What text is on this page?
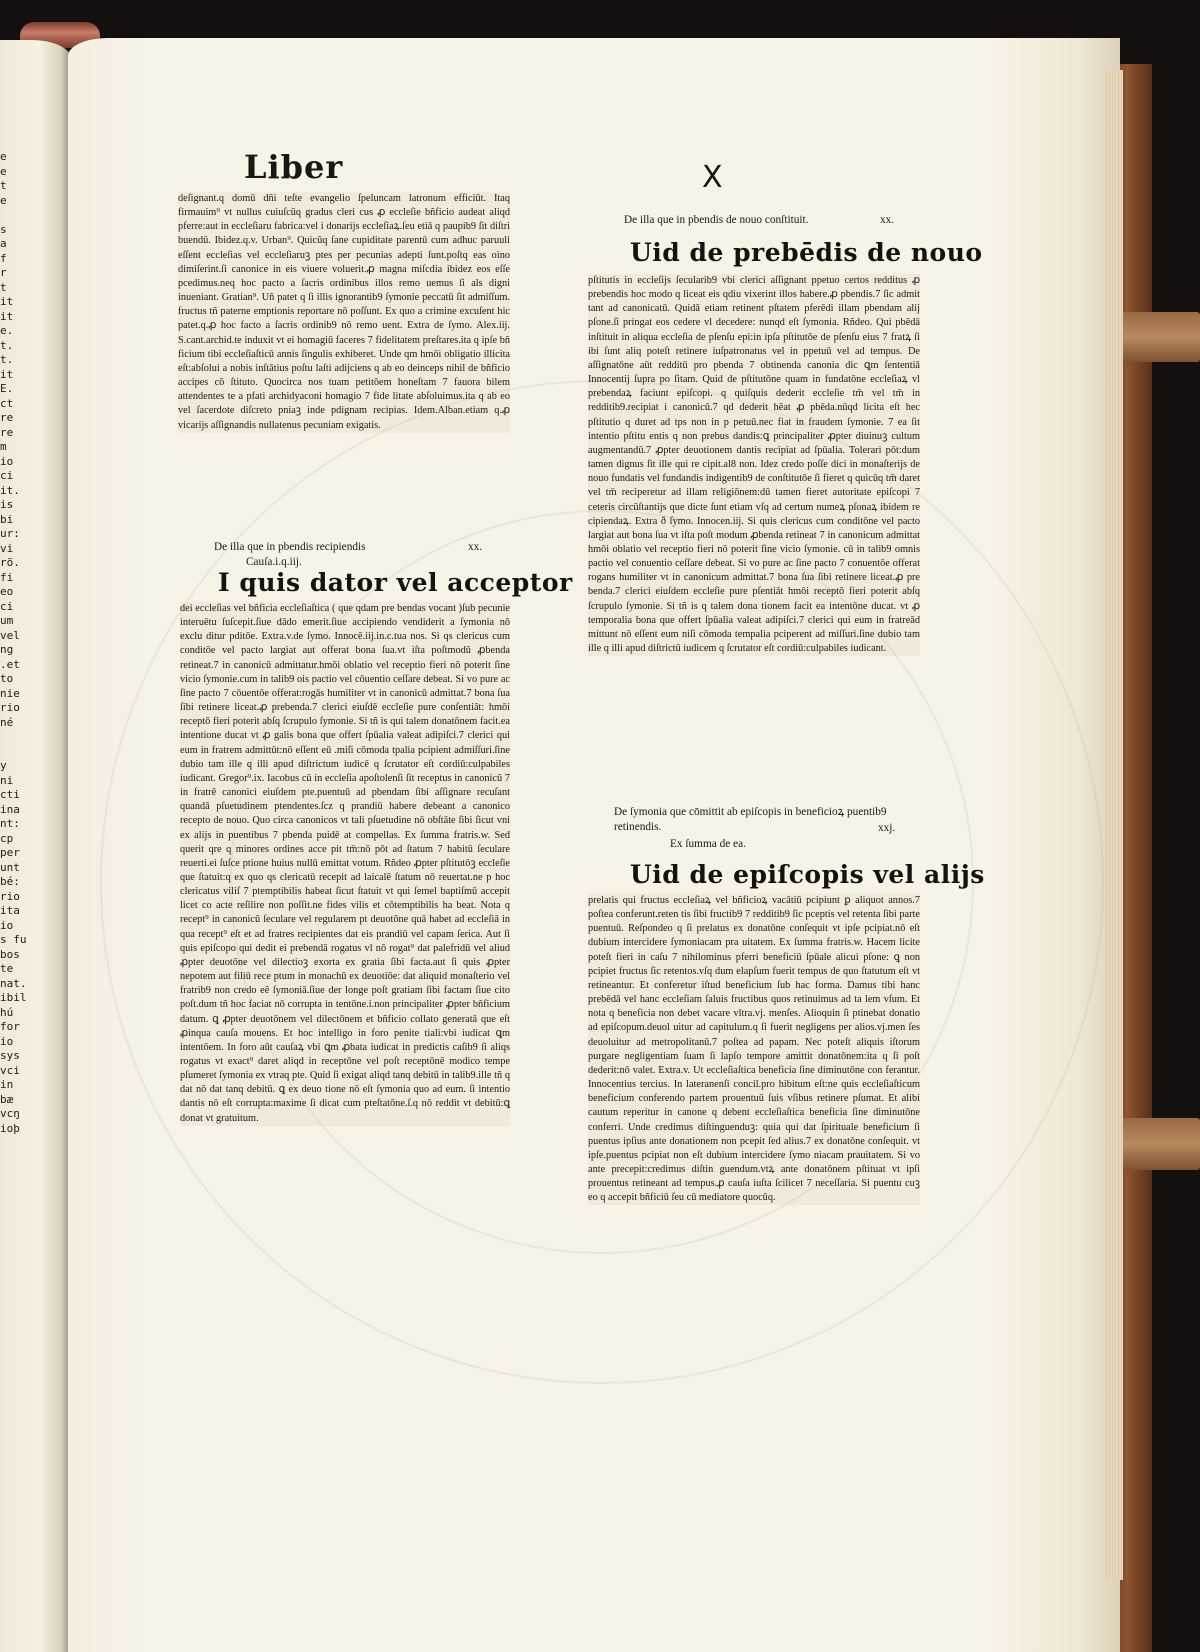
e
e
t
e

s
a
f
r
t
it
it
e.
t.
t.
it
E.
ct
re
re
m
io
ci
it.
is
bi
ur:
vi
rõ.
fi
eo
ci
um
vel
ng
.et
to
nie
rio
né

y
ni
cti
ina
nt:
cp
per
unt
bé:
rio
ita
io
s fu
bos
te
nat.
ibil
hú
for
io
sys
vci
in
bæ
vcŋ
ioþ
Liber	X

deſignant.q domū dñi teſte evangelio ſpeluncam latronum efficiūt. Itaq firmauim⁹ vt nullus cuiuſcūq gradus cleri cus ꝓ eccleſie bñficio audeat aliqd pferre:aut in eccleſiaru fabrica:vel i donarijs eccleſiaꝝ.ſeu etiā q paupib9 ſit diſtri buendū. Ibidez.q.v. Urban⁹. Quicūq ſane cupiditate parentū cum adhuc paruuli eſſent eccleſias vel eccleſiaruꝫ ptes per pecunias adepti ſunt.poſtq eas oino dimiſerint.ſi canonice in eis viuere voluerit.ꝓ magna miſcdia ibidez eos eſſe pcedimus.neq hoc pacto a ſacris ordinibus illos remo uemus ſi als digni inueniant. Gratian⁹. Uñ patet q ſi illis ignorantib9 ſymonie peccatū ſit admiſſum. fructus tñ paterne emptionis reportare nō poſſunt. Ex quo a crimine excuſent hic patet.q.ꝓ hoc facto a ſacris ordinib9 nō remo uent. Extra de ſymo. Alex.iij. S.cant.archid.te induxit vt ei homagiū faceres 7 fidelitatem preſtares.ita q ipſe bñ ficium tibi eccleſiaſticū annis ſingulis exhiberet. Unde qm hmōi obligatio illicita eſt:abſolui a nobis inſtātius poſtu laſti adijciens q ab eo deinceps nihil de bñficio accipes cō ſtituto. Quocirca nos tuam petitōem honeſtam 7 fauora bilem attendentes te a pfati archidyaconi homagio 7 fide litate abſoluimus.ita q ab eo vel ſacerdote diſcreto pniaꝫ inde pdignam recipias. Idem.Alban.etiam q.ꝓ vicarijs aſſignandis nullatenus pecuniam exigatis.

De illa que in pbendis recipiendis	xx.
Cauſa.i.q.iij.
I quis dator vel acceptor

dei eccleſias vel bñficia eccleſiaſtica ( que qdam pre bendas vocant )ſub pecunie interuētu ſuſcepit.ſiue dādo emerit.ſiue accipiendo vendiderit a ſymonia nō exclu ditur pditōe. Extra.v.de ſymo. Innocē.iij.in.c.tua nos. Si qs clericus cum conditōe vel pacto largiat aut offerat bona ſua.vt iſta poſtmodū ꝓbenda retineat.7 in canonicū admittatur.hmōi oblatio vel receptio fieri nō poterit ſine vicio ſymonie.cum in talib9 ois pactio vel cōuentio ceſſare debeat. Si vo pure ac ſine pacto 7 cōuentōe offerat:rogās humiliter vt in canonicū admittat.7 bona ſua ſibi retinere liceat.ꝓ prebenda.7 clerici eiuſdē eccleſie pure conſentiāt: hmōi receptō fieri poterit abſq ſcrupulo ſymonie. Si tñ is qui talem donatōnem facit.ea intentione ducat vt ꝓ galis bona que offert ſpūalia valeat adipiſci.7 clerici qui eum in fratrem admittūt:nō eſſent eū .miſi cōmoda tpalia pcipient admiſſuri.ſine dubio tam ille q illi apud diſtrictum iudicē q ſcrutator eſt cordiū:culpabiles iudicant. Gregor⁹.ix. Iacobus cū in eccleſia apoſtolenſi ſit receptus in canonicū 7 in fratrē canonici eiuſdem pte.puentuū ad pbendam ſibi aſſignare recuſant quandā pſuetudinem ptendentes.ſcz q prandiū habere debeant a canonico recepto de nouo. Quo circa canonicos vt tali pſuetudine nō obſtāte ſibi ſicut vni ex alijs in puentibus 7 pbenda puidē at compellas. Ex ſumma fratris.w. Sed querit qre q minores ordines acce pit tm̄:nō pōt ad ſtatum 7 habitū ſeculare reuerti.ei ſuſce ptione huius nullū emittat votum. Rñdeo ꝓpter pſtitutōꝫ eccleſie que ſtatuit:q ex quo qs clericatū recepit ad laicalē ſtatum nō reuertat.ne p hoc clericatus viliſ 7 ptemptibilis habeat ſicut ſtatuit vt qui ſemel baptiſmū accepit licet co acte reſilire non poſſit.ne fides vilis et cōtemptibilis ha beat. Nota q recept⁹ in canonicū ſeculare vel regularem pt deuotōne quā habet ad eccleſiā in qua recept⁹ eſt et ad fratres recipientes dat eis prandiū vel capam ſerica. Aut ſi quis epiſcopo qui dedit ei prebendā rogatus vl nō rogat⁹ dat palefridū vel aliud ꝓpter deuotōne vel dilectioꝫ exorta ex gratia ſibi facta.aut ſi quis ꝓpter nepotem aut filiū rece ptum in monachū ex deuotiōe: dat aliquid monaſterio vel fratrib9 non credo eē ſymoniā.ſiue der longe poſt gratiam ſibi factam ſiue cito poſt.dum tñ hoc faciat nō corrupta in tentōne.i.non principaliter ꝓpter bñficium datum. ꝗ ꝓpter deuotōnem vel dilectōnem et bñficio collato generatā que eſt ꝓinqua cauſa mouens. Et hoc intelligo in foro penite tiali:vbi iudicat ꝗm intentōem. In foro aūt cauſaꝝ vbi ꝗm ꝓbata iudicat in predictis caſib9 ſi aliqs rogatus vt exact⁹ daret aliqd in receptōne vel poſt receptōnē modico tempe pſumeret ſymonia ex vtraq pte. Quid ſi exigat aliqd tanq debitū in talib9.ille tñ q dat nō dat tanq debitū. ꝗ ex deuo tione nō eſt ſymonia quo ad eum. ſi intentio dantis nō eſt corrupta:maxime ſi dicat cum pteſtatōne.ſ.q nō reddit vt debitū:ꝗ donat vt gratuitum.

De illa que in pbendis de nouo conſtituit.	xx.
Uid de prebēdis de nouo

pſtitutis in eccleſijs ſecularib9 vbi clerici aſſignant ppetuo certos redditus ꝓ prebendis hoc modo q liceat eis qdiu vixerint illos habere.ꝓ pbendis.7 ſic admit tant ad canonicatū. Quidā etiam retinent pſtatem pferēdi illam pbendam alij pſone.ſi pringat eos cedere vl decedere: nunqd eſt ſymonia. Rñdeo. Qui pbēdā inſtituit in aliqua eccleſia de pſenſu epi:in ipſa pſtitutōe de pſenſu eius 7 fratꝝ ſi ibi ſunt aliq poteſt retinere iuſpatronatus vel in ppetuū vel ad tempus. De aſſignatōne aūt redditū pro pbenda 7 obtinenda canonia dic ꝗm ſententiā Innocentij ſupra po ſitam. Quid de pſtitutōne quam in fundatōne eccleſiaꝝ vl prebendaꝝ faciunt epiſcopi. q quiſquis dederit eccleſie tm̄ vel tm̄ in redditib9.recipiat i canonicū.7 qd dederit hēat ꝓ pbēda.nūqd licita eſt hec pſtitutio q duret ad tps non in p petuū.nec fiat in fraudem ſymonie. 7 ea ſit intentio pſtitu entis q non prebus dandis:ꝗ principaliter ꝓpter diuinuꝫ cultum augmentandū.7 ꝓpter deuotionem dantis recipiat ad ſpūalia. Tolerari pōt:dum tamen dignus ſit ille qui re cipit.al8 non. Idez credo poſſe dici in monaſterijs de nouo fundatis vel fundandis indigentib9 de conſtitutōe ſi fieret q quicūq tm̄ daret vel tm̄ reciperetur ad illam religiōnem:dū tamen fieret autoritate epiſcopi 7 ceteris circūſtantijs que dicte ſunt etiam vſq ad certum numeꝝ pſonaꝝ ibidem re cipiendaꝝ. Extra ð ſymo. Innocen.iij. Si quis clericus cum conditōne vel pacto largiat aut bona ſua vt iſta poſt modum ꝓbenda retineat 7 in canonicum admittat hmōi oblatio vel receptio fieri nō poterit ſine vicio ſymonie. cū in talib9 omnis pactio vel conuentio ceſſare debeat. Si vo pure ac ſine pacto 7 conuentōe offerat rogans humiliter vt in canonicum admittat.7 bona ſua ſibi retinere liceat.ꝓ pre benda.7 clerici eiuſdem eccleſie pure pſentiāt hmōi receptō fieri poterit abſq ſcrupulo ſymonie. Si tñ is q talem dona tionem facit ea intentōne ducat. vt ꝓ temporalia bona que offert ſpūalia valeat adipiſci.7 clerici qui eum in fratreād mittunt nō eſſent eum niſi cōmoda tempalia pciperent ad miſſuri.ſine dubio tam ille q illi apud diſtrictū iudicem q ſcrutator eſt cordiū:culpabiles iudicant.

De ſymonia que cōmittit ab epiſcopis in beneficioꝝ puentib9 retinendis.	xxj.
Ex ſumma de ea.
Uid de epiſcopis vel alijs

prelatis qui fructus eccleſiaꝝ vel bñficioꝝ vacātiū pcipiunt ꝑ aliquot annos.7 poſtea conferunt.reten tis ſibi fructib9 7 redditib9 ſic pceptis vel retenta ſibi parte puentuū. Reſpondeo q ſi prelatus ex donatōne conſequit vt ipſe pcipiat.nō eſt dubium intercidere ſymoniacam pra uitatem. Ex ſumma fratris.w. Hacem licite poteſt fieri in caſu 7 nihilominus pferri beneficiū ſpūale alicui pſone: ꝗ non pcipiet fructus ſic retentos.vſq dum elapſum fuerit tempus de quo ſtatutum eſt vt retineantur. Et conferetur iſtud beneficium ſub hac forma. Damus tibi hanc prebēdā vel hanc eccleſiam ſaluis fructibus quos retinuimus ad ta lem vſum. Et nota q beneficia non debet vacare vltra.vj. menſes. Alioquin ſi ptinebat donatio ad epiſcopum.deuol uitur ad capitulum.q ſi fuerit negligens per alios.vj.men ſes deuoluitur ad metropolitanū.7 poſtea ad papam. Nec poteſt aliquis iſtorum purgare negligentiam ſuam ſi lapſo tempore amittit donatōnem:ita q ſi poſt dederit:nō valet. Extra.v. Ut eccleſiaſtica beneficia ſine diminutōne con ferantur. Innocentius tercius. In lateranenſi concil.pro hibitum eſt:ne quis eccleſiaſticum beneficium conferendo partem prouentuū ſuis vſibus retinere pſumat. Et alibi cautum reperitur in canone q debent eccleſiaſtica beneficia ſine diminutōne conferri. Unde credimus diſtinguenduꝫ: quia qui dat ſpirituale beneficium ſi puentus ipſius ante donationem non pcepit ſed alius.7 ex donatōne conſequit. vt ipſe.puentus pcipiat non eſt dubium intercidere ſymo niacam prauitatem. Si vo ante precepit:credimus diſtin guendum.vtꝝ ante donatōnem pſtituat vt ipſi prouentus retineant ad tempus.ꝓ cauſa iuſta ſcilicet 7 neceſſaria. Si puentu cuꝫ eo q accepit bñficiū ſeu cū mediatore quocūq.
